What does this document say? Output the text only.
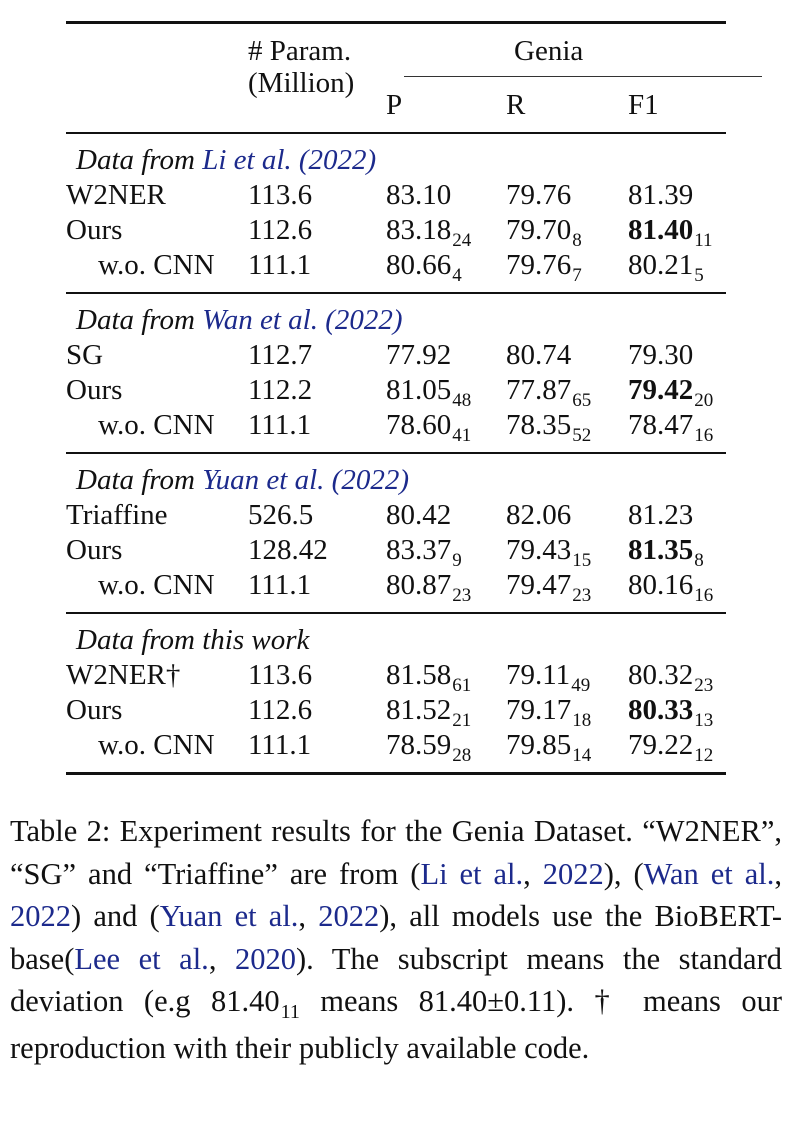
# Param.
(Million)
Genia
P	R	F1
Data from Li et al. (2022)
W2NER	113.6	83.10 79.76 81.39
Ours	112.6	$83.18_{24}$ $79.70_8$ $81.40_{11}$
w.o. CNN 111.1	$80.66_4$ $79.76_7$ $80.21_5$
Data from Wan et al. (2022)
SG	112.7	77.92 80.74 79.30
Ours	112.2	$81.05_{48}$ $77.87_{65}$ $79.42_{20}$
w.o. CNN 111.1	$78.60_{41}$ $78.35_{52}$ $78.47_{16}$
Data from Yuan et al. (2022)
Triaffine	526.5	80.42 82.06 81.23
Ours	128.42 $83.37_9$ $79.43_{15}$ $81.35_8$
w.o. CNN 111.1	$80.87_{23}$ $79.47_{23}$ $80.16_{16}$
Data from this work
W2NER† 113.6	$81.58_{61}$ $79.11_{49}$ $80.32_{23}$
Ours	112.6	$81.52_{21}$ $79.17_{18}$ $80.33_{13}$
w.o. CNN 111.1	$78.59_{28}$ $79.85_{14}$ $79.22_{12}$
Table 2: Experiment results for the Genia Dataset. “W2NER”, “SG” and “Triaffine” are from (Li et al., 2022), (Wan et al., 2022) and (Yuan et al., 2022), all models use the BioBERT-base(Lee et al., 2020). The subscript means the standard deviation (e.g $81.40_{11}$ means 81.40±0.11). † means our reproduction with their publicly available code.
